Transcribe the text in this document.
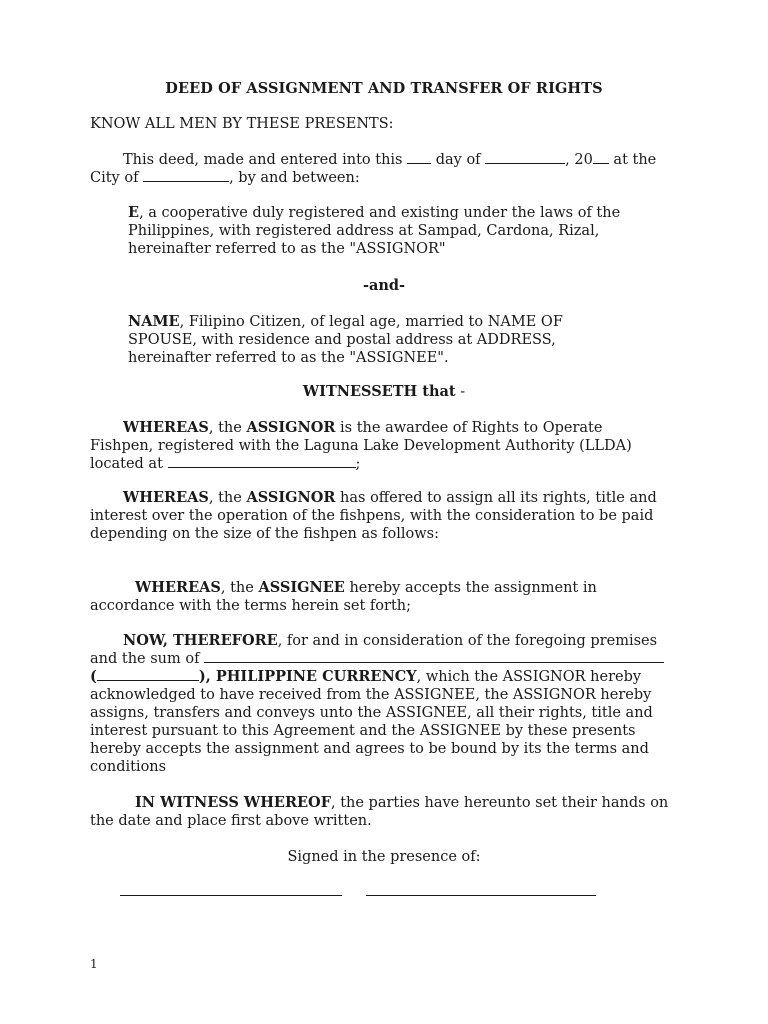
DEED OF ASSIGNMENT AND TRANSFER OF RIGHTS
KNOW ALL MEN BY THESE PRESENTS:
This deed, made and entered into this  day of	, 20 at the
City of	, by and between:
E, a cooperative duly registered and existing under the laws of the
Philippines, with registered address at Sampad, Cardona, Rizal,
hereinafter referred to as the "ASSIGNOR"
-and-
NAME, Filipino Citizen, of legal age, married to NAME OF
SPOUSE, with residence and postal address at ADDRESS,
hereinafter referred to as the "ASSIGNEE".
WITNESSETH that -
WHEREAS, the ASSIGNOR is the awardee of Rights to Operate
Fishpen, registered with the Laguna Lake Development Authority (LLDA)
located at	;
WHEREAS, the ASSIGNOR has offered to assign all its rights, title and
interest over the operation of the fishpens, with the consideration to be paid
depending on the size of the fishpen as follows:
WHEREAS, the ASSIGNEE hereby accepts the assignment in
accordance with the terms herein set forth;
NOW, THEREFORE, for and in consideration of the foregoing premises
and the sum of
(	), PHILIPPINE CURRENCY, which the ASSIGNOR hereby
acknowledged to have received from the ASSIGNEE, the ASSIGNOR hereby
assigns, transfers and conveys unto the ASSIGNEE, all their rights, title and
interest pursuant to this Agreement and the ASSIGNEE by these presents
hereby accepts the assignment and agrees to be bound by its the terms and
conditions
IN WITNESS WHEREOF, the parties have hereunto set their hands on
the date and place first above written.
Signed in the presence of:
1
